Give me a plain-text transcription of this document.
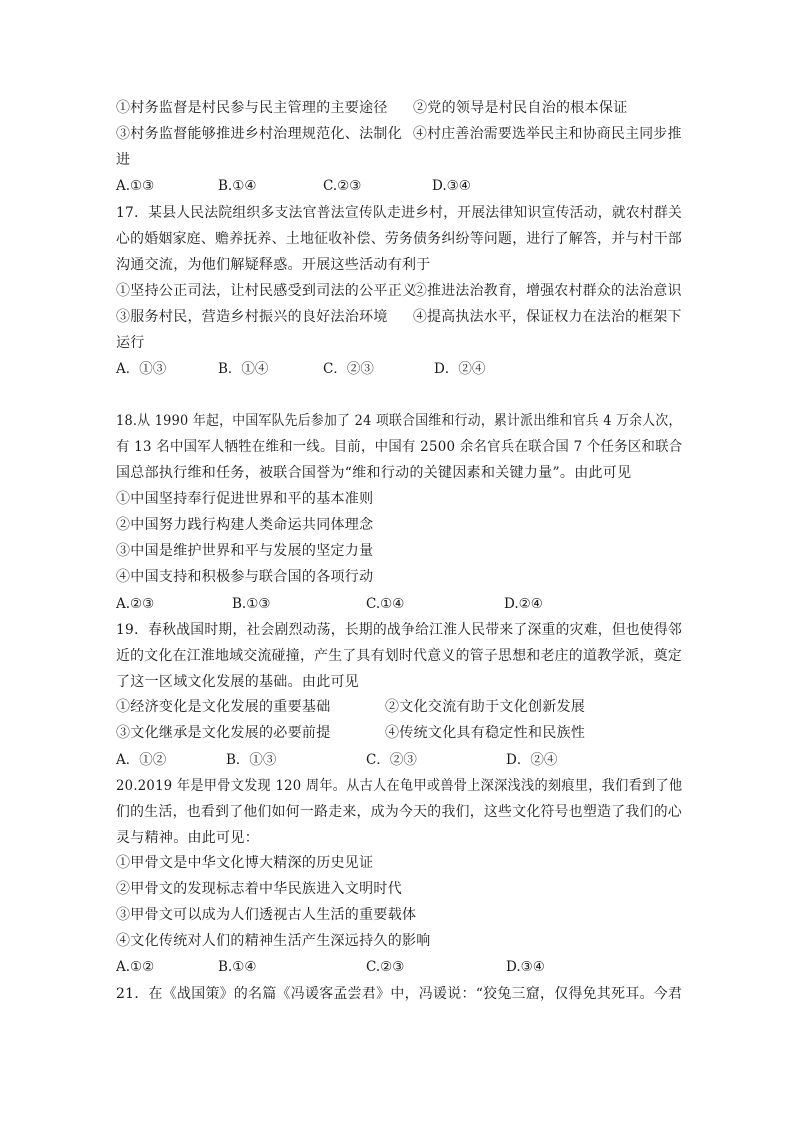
①村务监督是村民参与民主管理的主要途径 ②党的领导是村民自治的根本保证
③村务监督能够推进乡村治理规范化、法制化 ④村庄善治需要选举民主和协商民主同步推
进
A.①③	B.①④	C.②③	D.③④
17．某县人民法院组织多支法官普法宣传队走进乡村，开展法律知识宣传活动，就农村群关
心的婚姻家庭、赡养抚养、土地征收补偿、劳务债务纠纷等问题，进行了解答，并与村干部
沟通交流，为他们解疑释惑。开展这些活动有利于
①坚持公正司法，让村民感受到司法的公平正义
②推进法治教育，增强农村群众的法治意识
③服务村民，营造乡村振兴的良好法治环境 ④提高执法水平，保证权力在法治的框架下
运行
A．①③	B．①④	C．②③	D．②④
18.从 1990 年起，中国军队先后参加了 24 项联合国维和行动，累计派出维和官兵 4 万余人次，
有 13 名中国军人牺牲在维和一线。目前，中国有 2500 余名官兵在联合国 7 个任务区和联合
国总部执行维和任务，被联合国誉为“维和行动的关键因素和关键力量”。由此可见
①中国坚持奉行促进世界和平的基本准则
②中国努力践行构建人类命运共同体理念
③中国是维护世界和平与发展的坚定力量
④中国支持和积极参与联合国的各项行动
A.②③	B.①③	C.①④	D.②④
19．春秋战国时期，社会剧烈动荡，长期的战争给江淮人民带来了深重的灾难，但也使得邻
近的文化在江淮地域交流碰撞，产生了具有划时代意义的管子思想和老庄的道教学派，奠定
了这一区域文化发展的基础。由此可见
①经济变化是文化发展的重要基础	②文化交流有助于文化创新发展
③文化继承是文化发展的必要前提	④传统文化具有稳定性和民族性
A．①②	B．①③	C．②③	D．②④
20.2019 年是甲骨文发现 120 周年。从古人在龟甲或兽骨上深深浅浅的刻痕里，我们看到了他
们的生活，也看到了他们如何一路走来，成为今天的我们，这些文化符号也塑造了我们的心
灵与精神。由此可见：
①甲骨文是中华文化博大精深的历史见证
②甲骨文的发现标志着中华民族进入文明时代
③甲骨文可以成为人们透视古人生活的重要载体
④文化传统对人们的精神生活产生深远持久的影响
A.①②	B.①④	C.②③	D.③④
21．在《战国策》的名篇《冯谖客孟尝君》中，冯谖说：“狡兔三窟，仅得免其死耳。今君
